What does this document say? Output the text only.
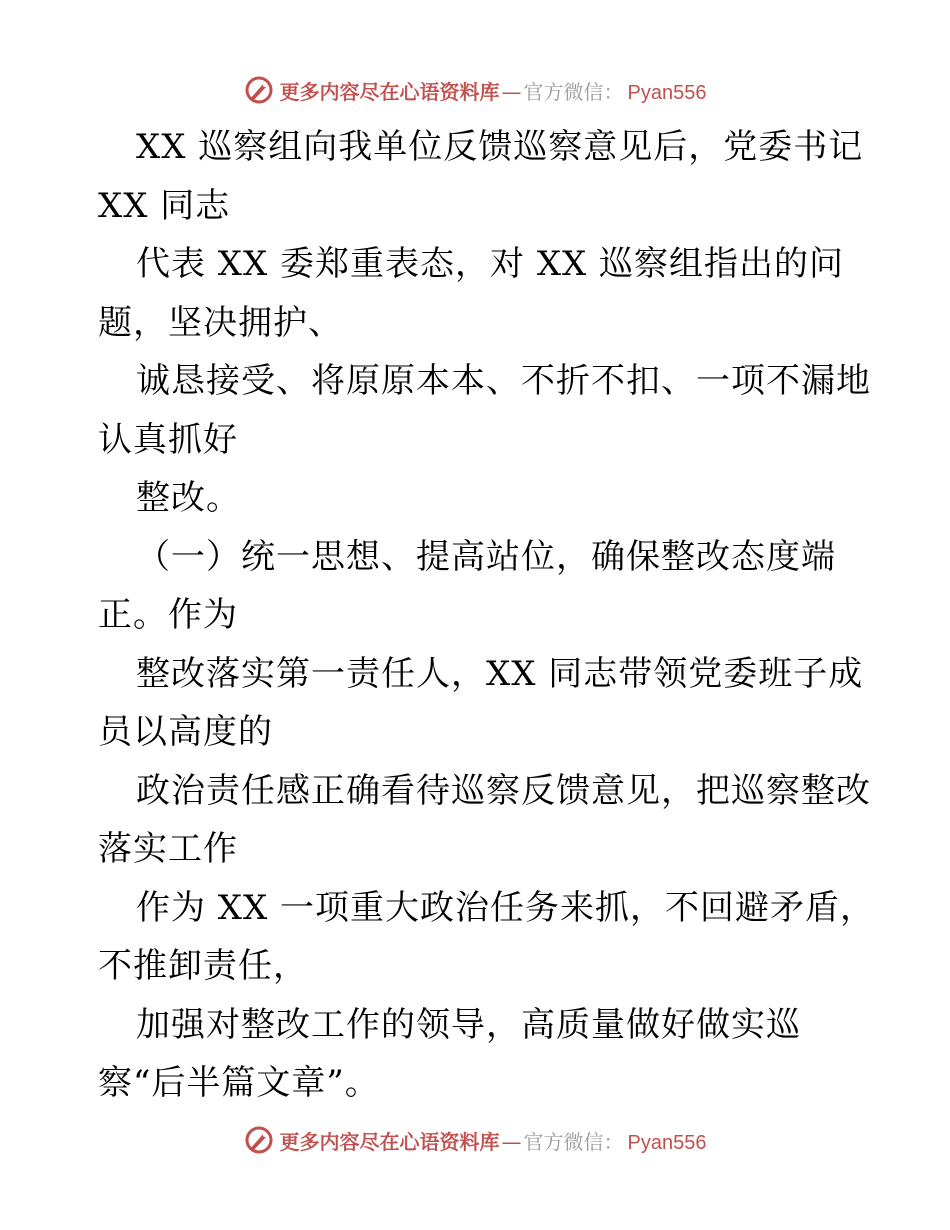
更多内容尽在心语资料库 — 官方微信： Pyan556
XX 巡察组向我单位反馈巡察意见后，党委书记
XX 同志
代表 XX 委郑重表态，对 XX 巡察组指出的问
题，坚决拥护、
诚恳接受、将原原本本、不折不扣、一项不漏地
认真抓好
整改。
（一）统一思想、提高站位，确保整改态度端
正。作为
整改落实第一责任人，XX 同志带领党委班子成
员以高度的
政治责任感正确看待巡察反馈意见，把巡察整改
落实工作
作为 XX 一项重大政治任务来抓，不回避矛盾，
不推卸责任，
加强对整改工作的领导，高质量做好做实巡
察“后半篇文章”。
更多内容尽在心语资料库 — 官方微信： Pyan556
